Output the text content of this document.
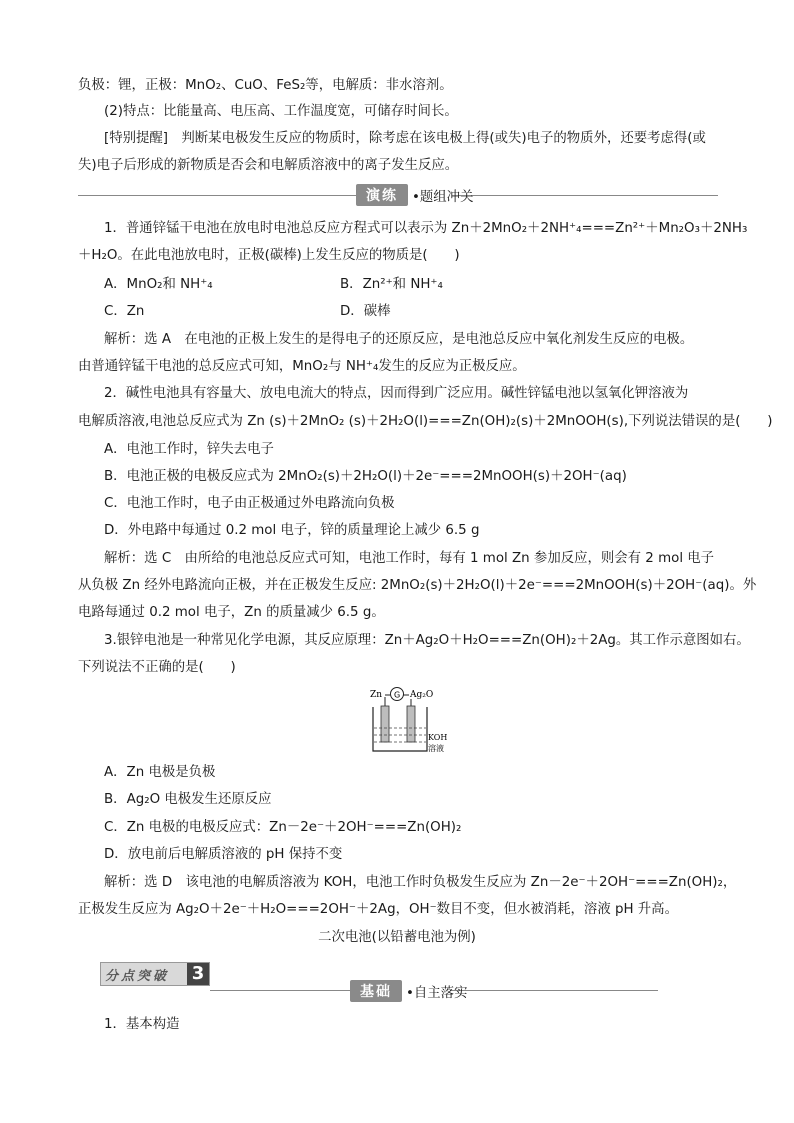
负极：锂，正极：MnO₂、CuO、FeS₂等，电解质：非水溶剂。
(2)特点：比能量高、电压高、工作温度宽，可储存时间长。
[特别提醒]　判断某电极发生反应的物质时，除考虑在该电极上得(或失)电子的物质外，还要考虑得(或
失)电子后形成的新物质是否会和电解质溶液中的离子发生反应。
演练	•题组冲关
1．普通锌锰干电池在放电时电池总反应方程式可以表示为 Zn＋2MnO₂＋2NH⁺₄===Zn²⁺＋Mn₂O₃＋2NH₃
＋H₂O。在此电池放电时，正极(碳棒)上发生反应的物质是(　　)
A．MnO₂和 NH⁺₄	B．Zn²⁺和 NH⁺₄
C．Zn	D．碳棒
解析：选 A　在电池的正极上发生的是得电子的还原反应，是电池总反应中氧化剂发生反应的电极。
由普通锌锰干电池的总反应式可知，MnO₂与 NH⁺₄发生的反应为正极反应。
2．碱性电池具有容量大、放电电流大的特点，因而得到广泛应用。碱性锌锰电池以氢氧化钾溶液为
电解质溶液,电池总反应式为 Zn (s)＋2MnO₂ (s)＋2H₂O(l)===Zn(OH)₂(s)＋2MnOOH(s),下列说法错误的是(　　)
A．电池工作时，锌失去电子
B．电池正极的电极反应式为 2MnO₂(s)＋2H₂O(l)＋2e⁻===2MnOOH(s)＋2OH⁻(aq)
C．电池工作时，电子由正极通过外电路流向负极
D．外电路中每通过 0.2 mol 电子，锌的质量理论上减少 6.5 g
解析：选 C　由所给的电池总反应式可知，电池工作时，每有 1 mol Zn 参加反应，则会有 2 mol 电子
从负极 Zn 经外电路流向正极，并在正极发生反应: 2MnO₂(s)＋2H₂O(l)＋2e⁻===2MnOOH(s)＋2OH⁻(aq)。外
电路每通过 0.2 mol 电子，Zn 的质量减少 6.5 g。
3.银锌电池是一种常见化学电源，其反应原理：Zn＋Ag₂O＋H₂O===Zn(OH)₂＋2Ag。其工作示意图如右。
下列说法不正确的是(　　)
Zn G Ag₂O
KOH
溶液
A．Zn 电极是负极
B．Ag₂O 电极发生还原反应
C．Zn 电极的电极反应式：Zn－2e⁻＋2OH⁻===Zn(OH)₂
D．放电前后电解质溶液的 pH 保持不变
解析：选 D　该电池的电解质溶液为 KOH，电池工作时负极发生反应为 Zn－2e⁻＋2OH⁻===Zn(OH)₂，
正极发生反应为 Ag₂O＋2e⁻＋H₂O===2OH⁻＋2Ag，OH⁻数目不变，但水被消耗，溶液 pH 升高。
二次电池(以铅蓄电池为例)
分点突破 3
基础	•自主落实
1．基本构造
